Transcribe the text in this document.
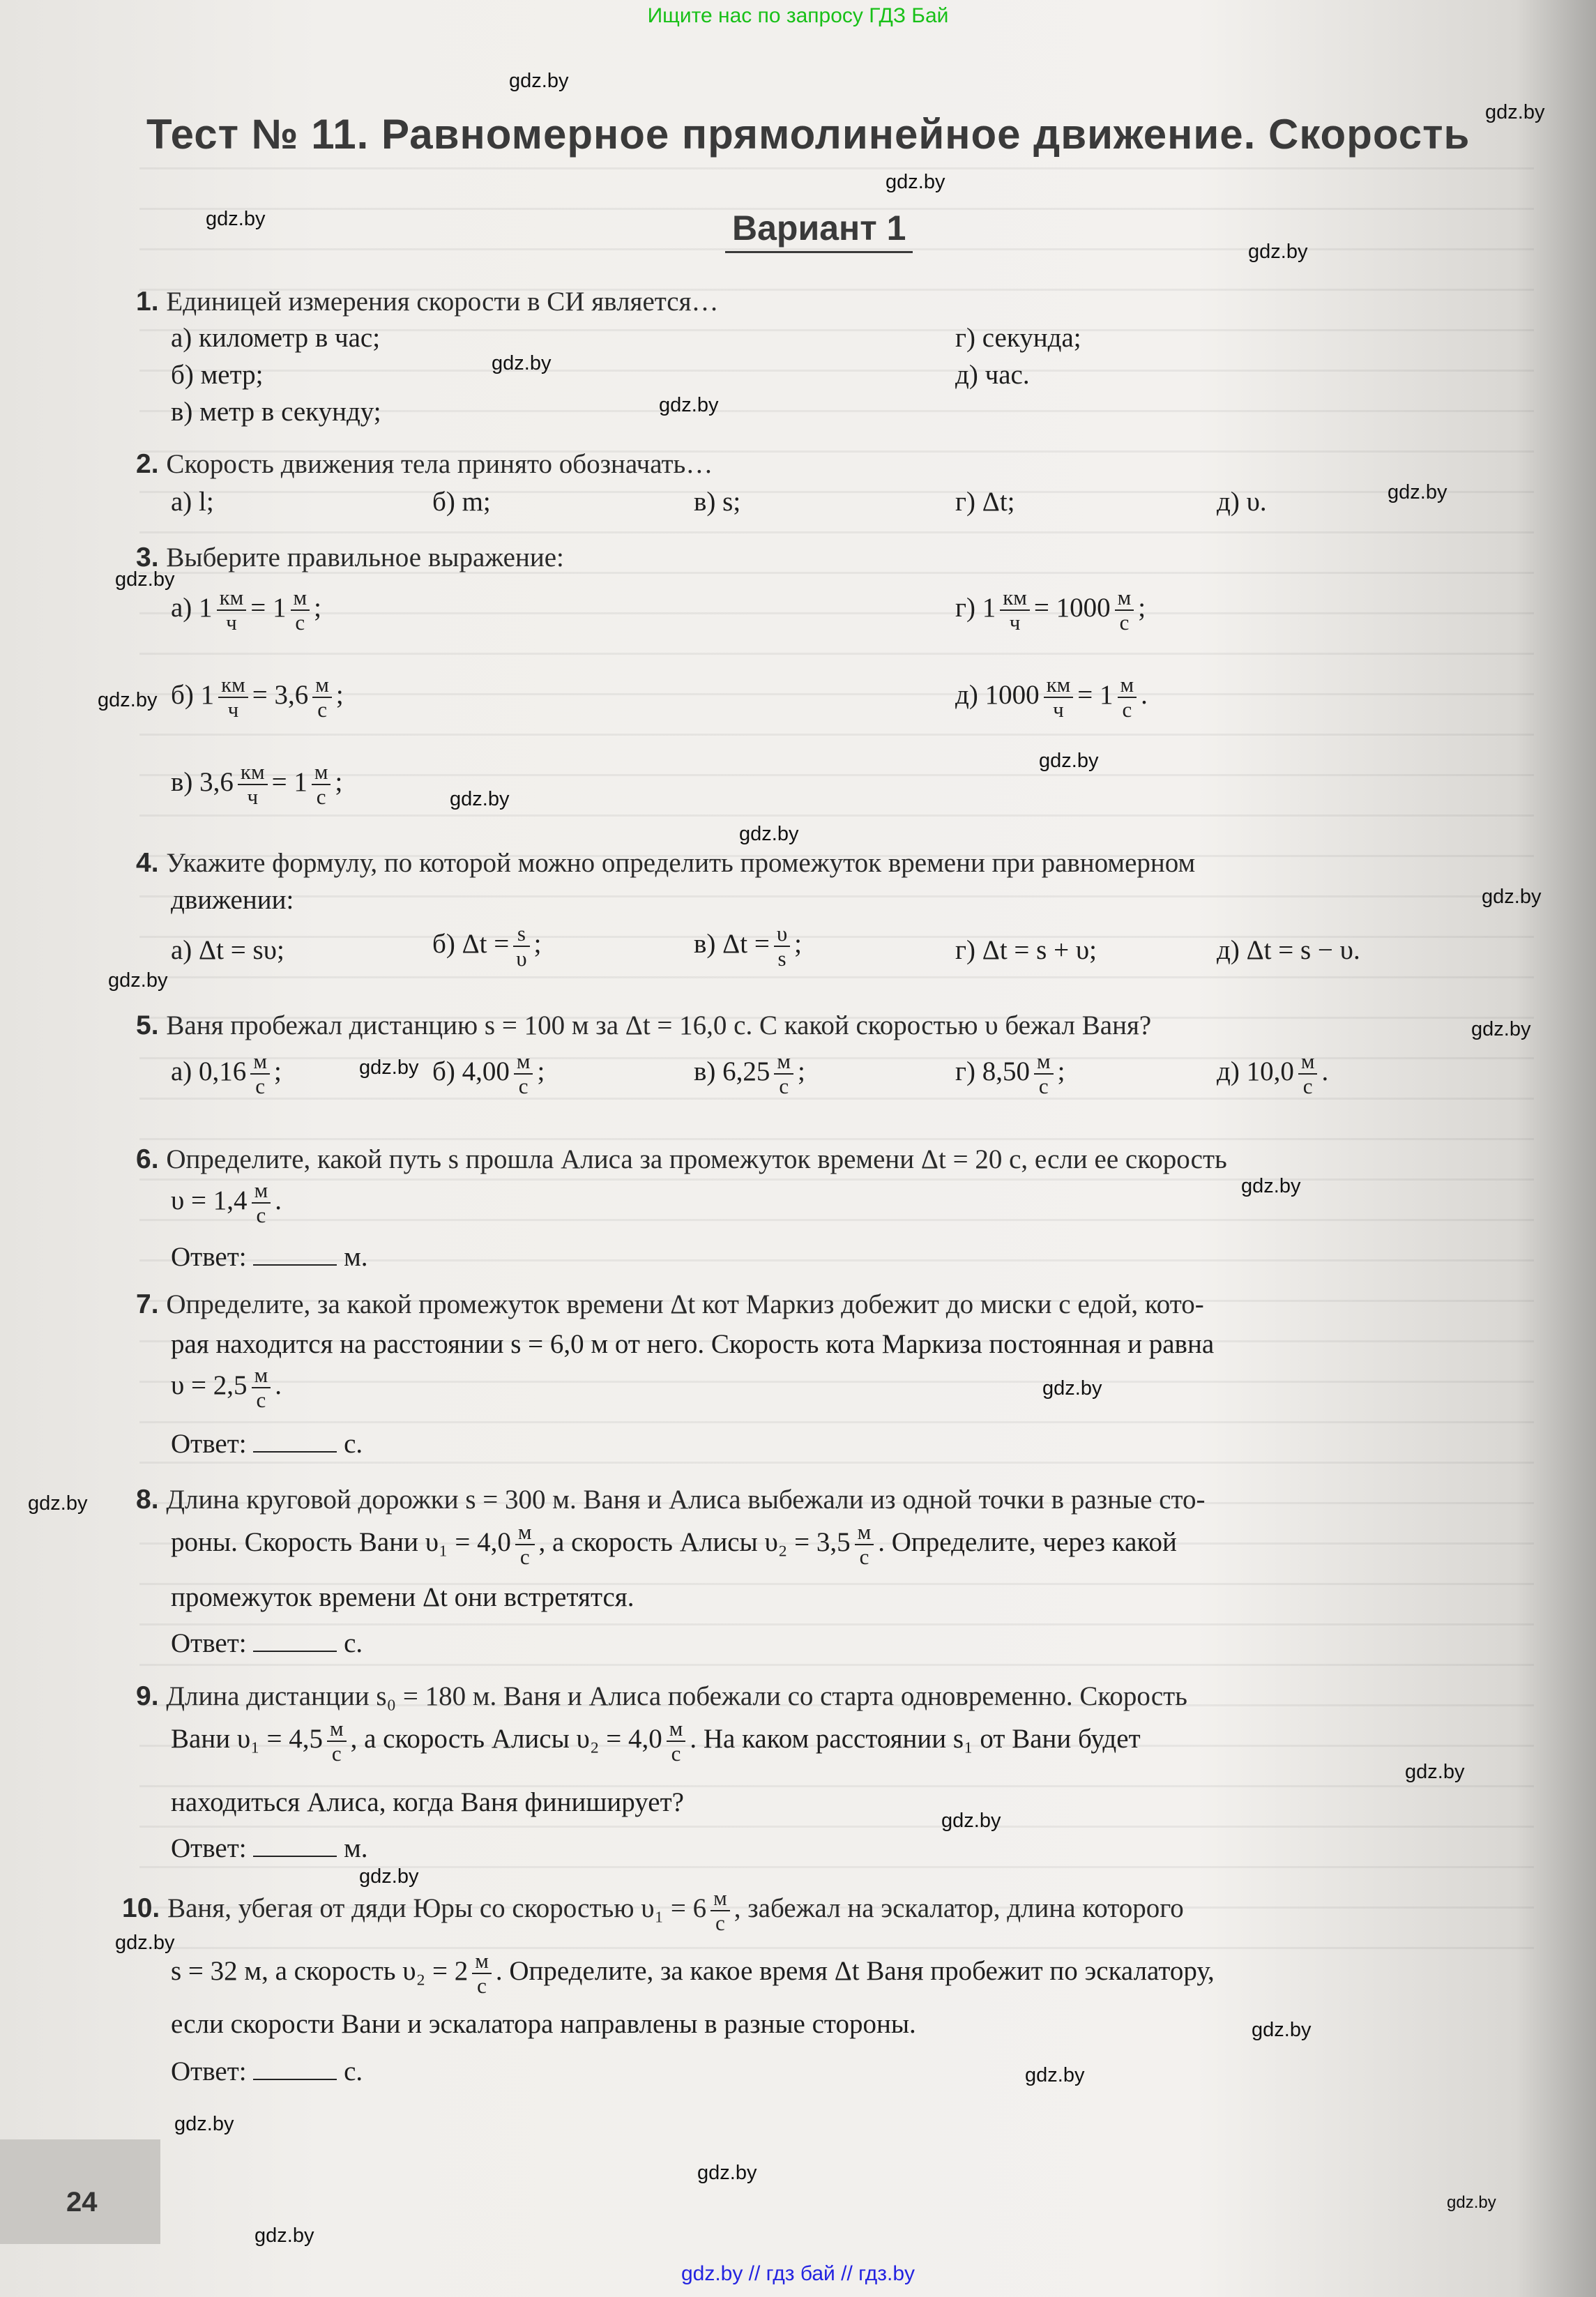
Ищите нас по запросу ГДЗ Бай
Тест № 11. Равномерное прямолинейное движение. Скорость
Вариант 1
gdz.by
gdz.by
gdz.by
gdz.by
gdz.by
gdz.by
gdz.by
gdz.by
gdz.by
gdz.by
gdz.by
gdz.by
gdz.by
gdz.by
gdz.by
gdz.by
gdz.by
gdz.by
gdz.by
gdz.by
gdz.by
gdz.by
gdz.by
gdz.by
gdz.by
gdz.by
gdz.by
gdz.by
gdz.by
gdz.by
1. Единицей измерения скорости в СИ является…
а) километр в час;
б) метр;
в) метр в секунду;
г) секунда;
д) час.
2. Скорость движения тела принято обозначать…
а) l;	б) m;	в) s;	г) Δt;	д) υ.
3. Выберите правильное выражение:
а) $1 \frac{км}{ч} = 1 \frac{м}{с}$ ;
б) $1 \frac{км}{ч} = 3,6 \frac{м}{с}$ ;
в) $3,6 \frac{км}{ч} = 1 \frac{м}{с}$ ;
г) $1 \frac{км}{ч} = 1000 \frac{м}{с}$ ;
д) $1000 \frac{км}{ч} = 1 \frac{м}{с}$ .
4. Укажите формулу, по которой можно определить промежуток времени при равномерном
движении:
а) Δt = sυ;	б) $\Delta t = \frac{s}{\upsilon}$ ;	в) $\Delta t = \frac{\upsilon}{s}$ ;	г) Δt = s + υ;	д) Δt = s − υ.
5. Ваня пробежал дистанцию s = 100 м за Δt = 16,0 с. С какой скоростью υ бежал Ваня?
а) $0,16 \frac{м}{с}$ ;	б) $4,00 \frac{м}{с}$ ;	в) $6,25 \frac{м}{с}$ ;	г) $8,50 \frac{м}{с}$ ;	д) $10,0 \frac{м}{с}$ .
6. Определите, какой путь s прошла Алиса за промежуток времени Δt = 20 с, если ее скорость
$\upsilon = 1,4 \frac{м}{с}$ .
Ответ:	м.
7. Определите, за какой промежуток времени Δt кот Маркиз добежит до миски с едой, кото-
рая находится на расстоянии s = 6,0 м от него. Скорость кота Маркиза постоянная и равна
$\upsilon = 2,5 \frac{м}{с}$ .
Ответ:	с.
8. Длина круговой дорожки s = 300 м. Ваня и Алиса выбежали из одной точки в разные сто-
роны. Скорость Вани $\upsilon_1 = 4,0 \frac{м}{с}$ , а скорость Алисы $\upsilon_2 = 3,5 \frac{м}{с}$ . Определите, через какой
промежуток времени Δt они встретятся.
Ответ:	с.
9. Длина дистанции s₀ = 180 м. Ваня и Алиса побежали со старта одновременно. Скорость
Вани $\upsilon_1 = 4,5 \frac{м}{с}$ , а скорость Алисы $\upsilon_2 = 4,0 \frac{м}{с}$ . На каком расстоянии s₁ от Вани будет
находиться Алиса, когда Ваня финиширует?
Ответ:	м.
10. Ваня, убегая от дяди Юры со скоростью $\upsilon_1 = 6 \frac{м}{с}$ , забежал на эскалатор, длина которого
s = 32 м, а скорость $\upsilon_2 = 2 \frac{м}{с}$ . Определите, за какое время Δt Ваня пробежит по эскалатору,
если скорости Вани и эскалатора направлены в разные стороны.
Ответ:	с.
24
gdz.by // гдз бай // гдз.by
